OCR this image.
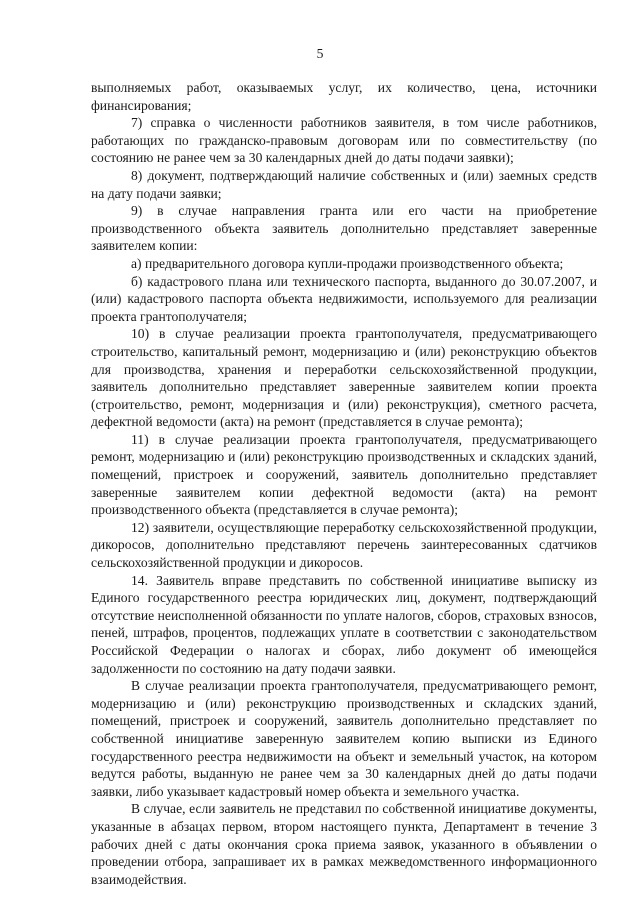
5

выполняемых работ, оказываемых услуг, их количество, цена, источники финансирования;

7) справка о численности работников заявителя, в том числе работников, работающих по гражданско-правовым договорам или по совместительству (по состоянию не ранее чем за 30 календарных дней до даты подачи заявки);

8) документ, подтверждающий наличие собственных и (или) заемных средств на дату подачи заявки;

9) в случае направления гранта или его части на приобретение производственного объекта заявитель дополнительно представляет заверенные заявителем копии:

а) предварительного договора купли-продажи производственного объекта;

б) кадастрового плана или технического паспорта, выданного до 30.07.2007, и (или) кадастрового паспорта объекта недвижимости, используемого для реализации проекта грантополучателя;

10) в случае реализации проекта грантополучателя, предусматривающего строительство, капитальный ремонт, модернизацию и (или) реконструкцию объектов для производства, хранения и переработки сельскохозяйственной продукции, заявитель дополнительно представляет заверенные заявителем копии проекта (строительство, ремонт, модернизация и (или) реконструкция), сметного расчета, дефектной ведомости (акта) на ремонт (представляется в случае ремонта);

11) в случае реализации проекта грантополучателя, предусматривающего ремонт, модернизацию и (или) реконструкцию производственных и складских зданий, помещений, пристроек и сооружений, заявитель дополнительно представляет заверенные заявителем копии дефектной ведомости (акта) на ремонт производственного объекта (представляется в случае ремонта);

12) заявители, осуществляющие переработку сельскохозяйственной продукции, дикоросов, дополнительно представляют перечень заинтересованных сдатчиков сельскохозяйственной продукции и дикоросов.

14. Заявитель вправе представить по собственной инициативе выписку из Единого государственного реестра юридических лиц, документ, подтверждающий отсутствие неисполненной обязанности по уплате налогов, сборов, страховых взносов, пеней, штрафов, процентов, подлежащих уплате в соответствии с законодательством Российской Федерации о налогах и сборах, либо документ об имеющейся задолженности по состоянию на дату подачи заявки.

В случае реализации проекта грантополучателя, предусматривающего ремонт, модернизацию и (или) реконструкцию производственных и складских зданий, помещений, пристроек и сооружений, заявитель дополнительно представляет по собственной инициативе заверенную заявителем копию выписки из Единого государственного реестра недвижимости на объект и земельный участок, на котором ведутся работы, выданную не ранее чем за 30 календарных дней до даты подачи заявки, либо указывает кадастровый номер объекта и земельного участка.

В случае, если заявитель не представил по собственной инициативе документы, указанные в абзацах первом, втором настоящего пункта, Департамент в течение 3 рабочих дней с даты окончания срока приема заявок, указанного в объявлении о проведении отбора, запрашивает их в рамках межведомственного информационного взаимодействия.
